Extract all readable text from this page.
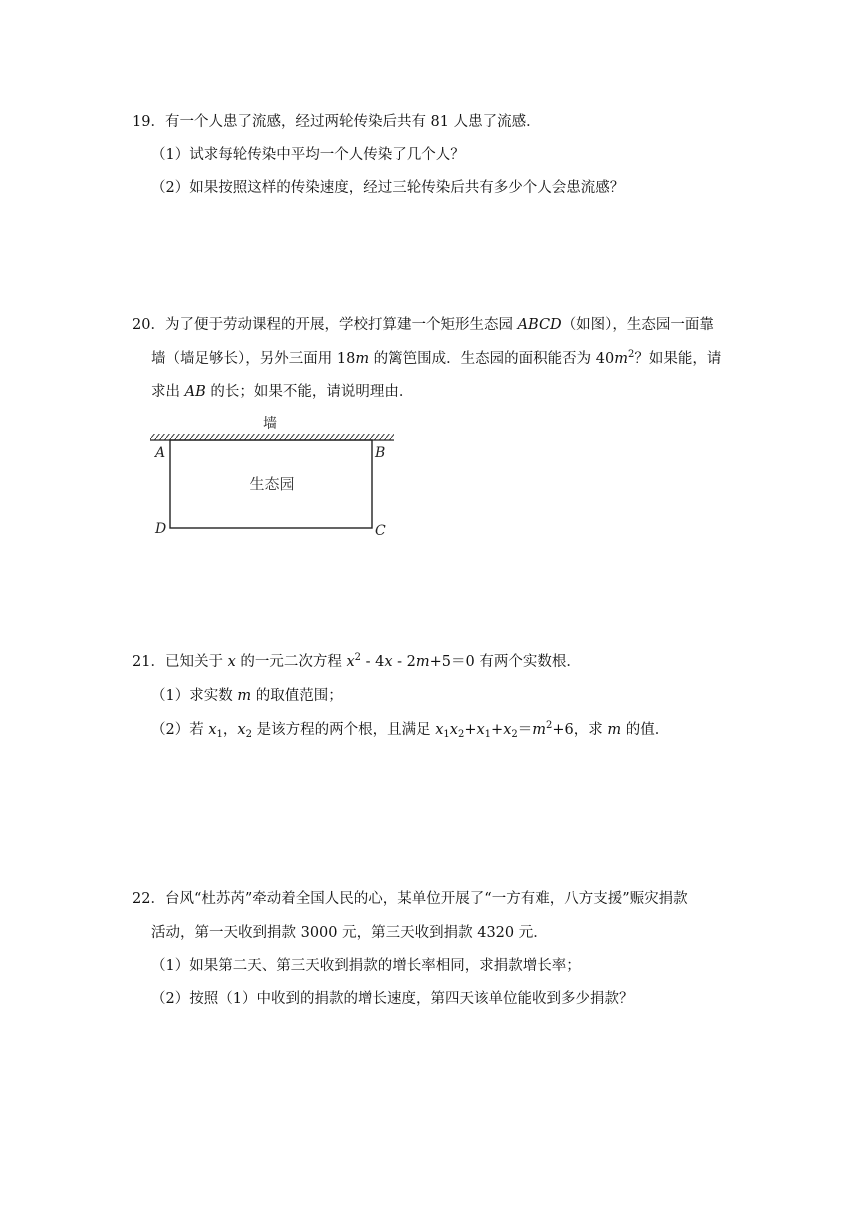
19．有一个人患了流感，经过两轮传染后共有 81 人患了流感．
（1）试求每轮传染中平均一个人传染了几个人？
（2）如果按照这样的传染速度，经过三轮传染后共有多少个人会患流感？
20．为了便于劳动课程的开展，学校打算建一个矩形生态园 ABCD（如图），生态园一面靠
墙（墙足够长），另外三面用 18m 的篱笆围成．生态园的面积能否为 $40m^2$？如果能，请
求出 AB 的长；如果不能，请说明理由．
墙
生态园
A	B
D	C
21．已知关于 x 的一元二次方程 $x^2 - 4x - 2m+5=0$ 有两个实数根．
（1）求实数 m 的取值范围；
（2）若 $x_1$，$x_2$ 是该方程的两个根，且满足 $x_1x_2+x_1+x_2=m^2+6$，求 m 的值．
22．台风“杜苏芮”牵动着全国人民的心，某单位开展了“一方有难，八方支援”赈灾捐款
活动，第一天收到捐款 3000 元，第三天收到捐款 4320 元．
（1）如果第二天、第三天收到捐款的增长率相同，求捐款增长率；
（2）按照（1）中收到的捐款的增长速度，第四天该单位能收到多少捐款？
